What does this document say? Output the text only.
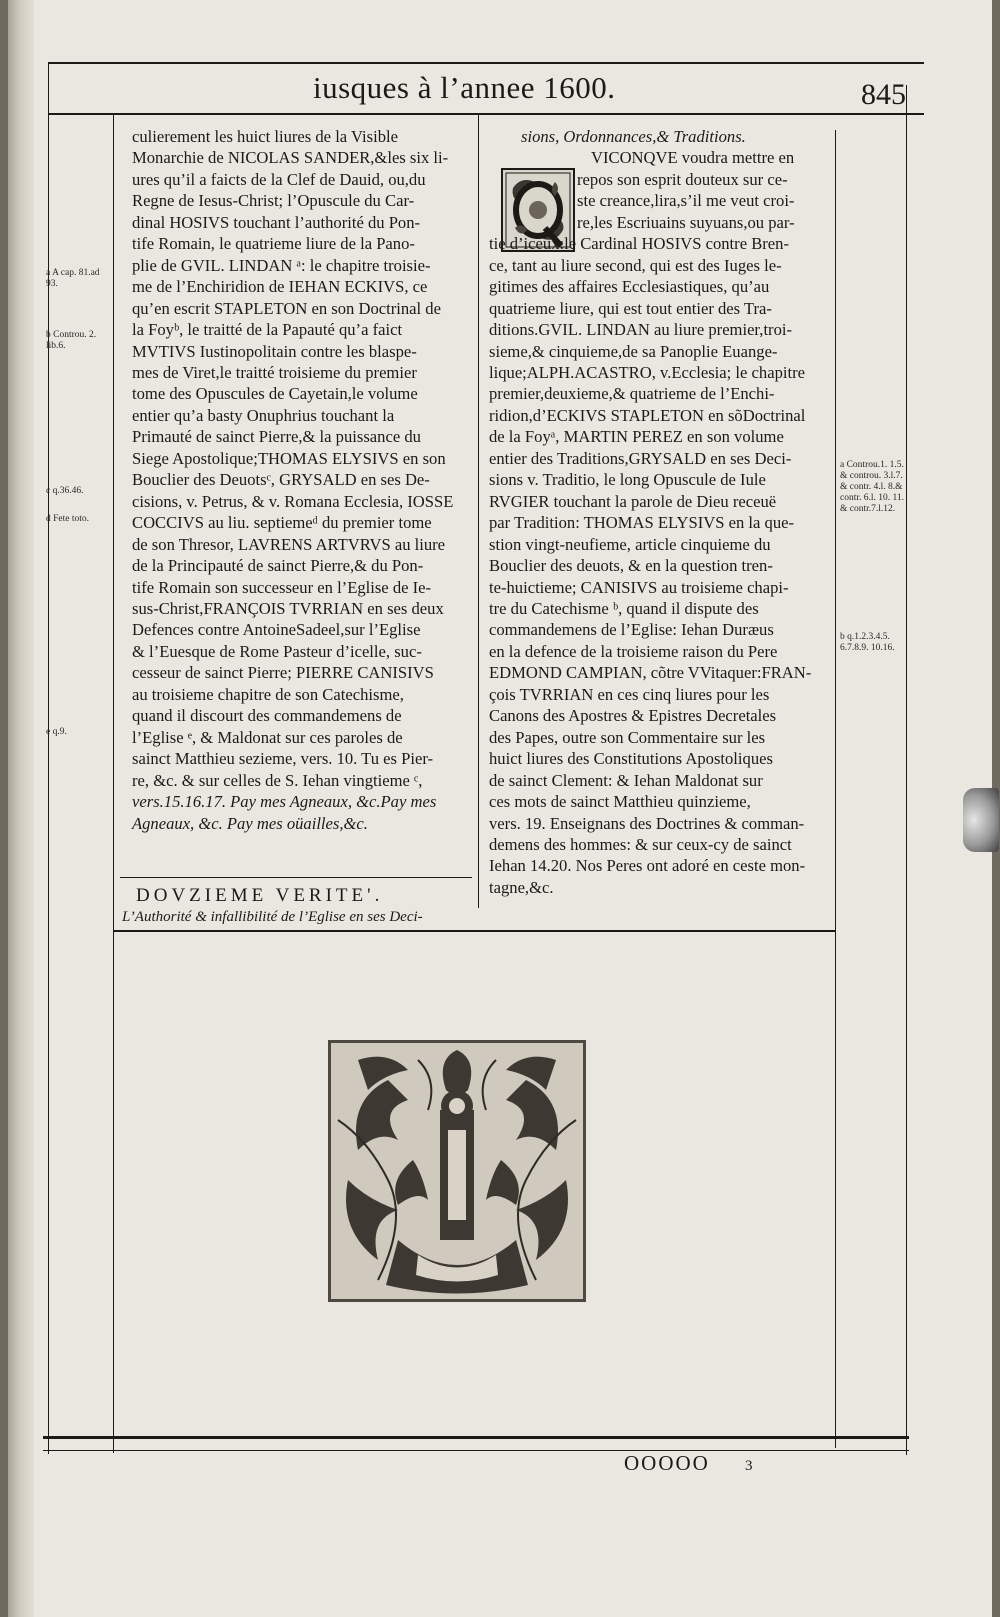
iusques à l’annee 1600.	845

culierement les huict liures de la Visible

Monarchie de NICOLAS SANDER,&les six li-

ures qu’il a faicts de la Clef de Dauid, ou,du

Regne de Iesus-Christ; l’Opuscule du Car-

dinal HOSIVS touchant l’authorité du Pon-

tife Romain, le quatrieme liure de la Pano-

plie de GVIL. LINDAN ᵃ: le chapitre troisie-

me de l’Enchiridion de IEHAN ECKIVS, ce

qu’en escrit STAPLETON en son Doctrinal de

la Foyᵇ, le traitté de la Papauté qu’a faict

MVTIVS Iustinopolitain contre les blaspe-

mes de Viret,le traitté troisieme du premier

tome des Opuscules de Cayetain,le volume

entier qu’a basty Onuphrius touchant la

Primauté de sainct Pierre,& la puissance du

Siege Apostolique;THOMAS ELYSIVS en son

Bouclier des Deuotsᶜ, GRYSALD en ses De-

cisions, v. Petrus, & v. Romana Ecclesia, IOSSE

COCCIVS au liu. septiemeᵈ du premier tome

de son Thresor, LAVRENS ARTVRVS au liure

de la Principauté de sainct Pierre,& du Pon-

tife Romain son successeur en l’Eglise de Ie-

sus-Christ,FRANÇOIS TVRRIAN en ses deux

Defences contre AntoineSadeel,sur l’Eglise

& l’Euesque de Rome Pasteur d’icelle, suc-

cesseur de sainct Pierre; PIERRE CANISIVS

au troisieme chapitre de son Catechisme,

quand il discourt des commandemens de

l’Eglise ᵉ, & Maldonat sur ces paroles de

sainct Matthieu sezieme, vers. 10. Tu es Pier-

re, &c. & sur celles de S. Iehan vingtieme ᶜ,

vers.15.16.17. Pay mes Agneaux, &c.Pay mes

Agneaux, &c. Pay mes oüailles,&c.

DOVZIEME VERITE'.
L’Authorité & infallibilité de l’Eglise en ses Deci-

sions, Ordonnances,& Traditions.

VICONQVE voudra mettre en

repos son esprit douteux sur ce-

ste creance,lira,s’il me veut croi-

re,les Escriuains suyuans,ou par-

tie d’iceux:le Cardinal HOSIVS contre Bren-

ce, tant au liure second, qui est des Iuges le-

gitimes des affaires Ecclesiastiques, qu’au

quatrieme liure, qui est tout entier des Tra-

ditions.GVIL. LINDAN au liure premier,troi-

sieme,& cinquieme,de sa Panoplie Euange-

lique;ALPH.ACASTRO, v.Ecclesia; le chapitre

premier,deuxieme,& quatrieme de l’Enchi-

ridion,d’ECKIVS STAPLETON en sõDoctrinal

de la Foyᵃ, MARTIN PEREZ en son volume

entier des Traditions,GRYSALD en ses Deci-

sions v. Traditio, le long Opuscule de Iule

RVGIER touchant la parole de Dieu receuë

par Tradition: THOMAS ELYSIVS en la que-

stion vingt-neufieme, article cinquieme du

Bouclier des deuots, & en la question tren-

te-huictieme; CANISIVS au troisieme chapi-

tre du Catechisme ᵇ, quand il dispute des

commandemens de l’Eglise: Iehan Duræus

en la defence de la troisieme raison du Pere

EDMOND CAMPIAN, cõtre VVitaquer:FRAN-

çois TVRRIAN en ces cinq liures pour les

Canons des Apostres & Epistres Decretales

des Papes, outre son Commentaire sur les

huict liures des Constitutions Apostoliques

de sainct Clement: & Iehan Maldonat sur

ces mots de sainct Matthieu quinzieme,

vers. 19. Enseignans des Doctrines & comman-

demens des hommes: & sur ceux-cy de sainct

Iehan 14.20. Nos Peres ont adoré en ceste mon-

tagne,&c.

a A cap. 81.ad 93.
b Controu. 2. lib.6.
c q.36.46.
d Fete toto.
e q.9.
a Controu.1. 1.5. & controu. 3.l.7. & contr. 4.l. 8.& contr. 6.l. 10. 11. & contr.7.l.12.
b q.1.2.3.4.5. 6.7.8.9. 10.16.
OOOOO 3
